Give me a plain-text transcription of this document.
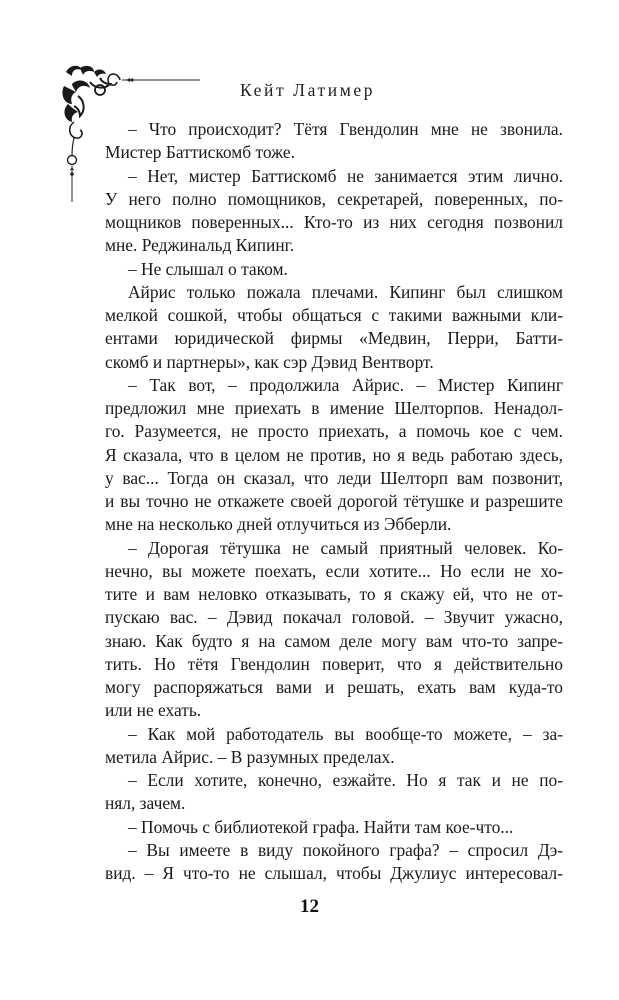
Кейт Латимер
– Что происходит? Тётя Гвендолин мне не звонила.
Мистер Баттискомб тоже.
– Нет, мистер Баттискомб не занимается этим лично.
У него полно помощников, секретарей, поверенных, по-
мощников поверенных... Кто-то из них сегодня позвонил
мне. Реджинальд Кипинг.
– Не слышал о таком.
Айрис только пожала плечами. Кипинг был слишком
мелкой сошкой, чтобы общаться с такими важными кли-
ентами юридической фирмы «Медвин, Перри, Батти-
скомб и партнеры», как сэр Дэвид Вентворт.
– Так вот, – продолжила Айрис. – Мистер Кипинг
предложил мне приехать в имение Шелторпов. Ненадол-
го. Разумеется, не просто приехать, а помочь кое с чем.
Я сказала, что в целом не против, но я ведь работаю здесь,
у вас... Тогда он сказал, что леди Шелторп вам позвонит,
и вы точно не откажете своей дорогой тётушке и разрешите
мне на несколько дней отлучиться из Эбберли.
– Дорогая тётушка не самый приятный человек. Ко-
нечно, вы можете поехать, если хотите... Но если не хо-
тите и вам неловко отказывать, то я скажу ей, что не от-
пускаю вас. – Дэвид покачал головой. – Звучит ужасно,
знаю. Как будто я на самом деле могу вам что-то запре-
тить. Но тётя Гвендолин поверит, что я действительно
могу распоряжаться вами и решать, ехать вам куда-то
или не ехать.
– Как мой работодатель вы вообще-то можете, – за-
метила Айрис. – В разумных пределах.
– Если хотите, конечно, езжайте. Но я так и не по-
нял, зачем.
– Помочь с библиотекой графа. Найти там кое-что...
– Вы имеете в виду покойного графа? – спросил Дэ-
вид. – Я что-то не слышал, чтобы Джулиус интересовал-
12
